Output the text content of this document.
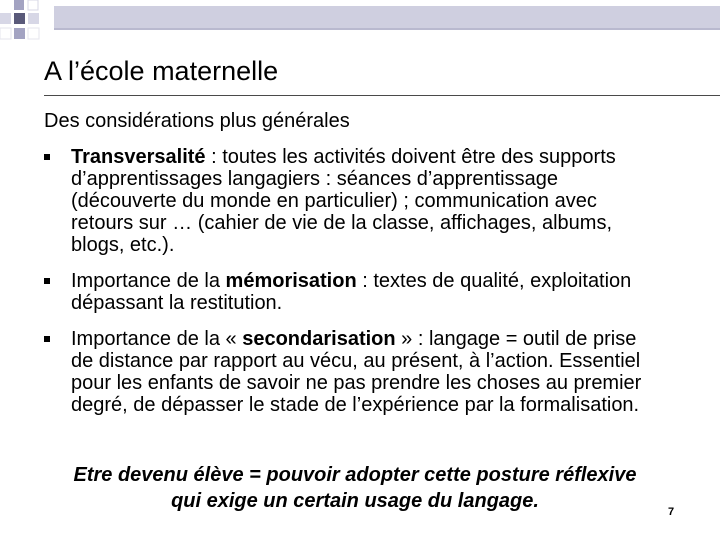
A l’école maternelle
Des considérations plus générales
Transversalité : toutes les activités doivent être des supports d’apprentissages langagiers : séances d’apprentissage (découverte du monde en particulier) ; communication avec retours sur … (cahier de vie de la classe, affichages, albums, blogs, etc.).
Importance de la mémorisation : textes de qualité, exploitation dépassant la restitution.
Importance de la « secondarisation » : langage = outil de prise de distance par rapport au vécu, au présent, à l’action. Essentiel pour les enfants de savoir ne pas prendre les choses au premier degré, de dépasser le stade de l’expérience par la formalisation.
Etre devenu élève = pouvoir adopter cette posture réflexive qui exige un certain usage du langage.	7
